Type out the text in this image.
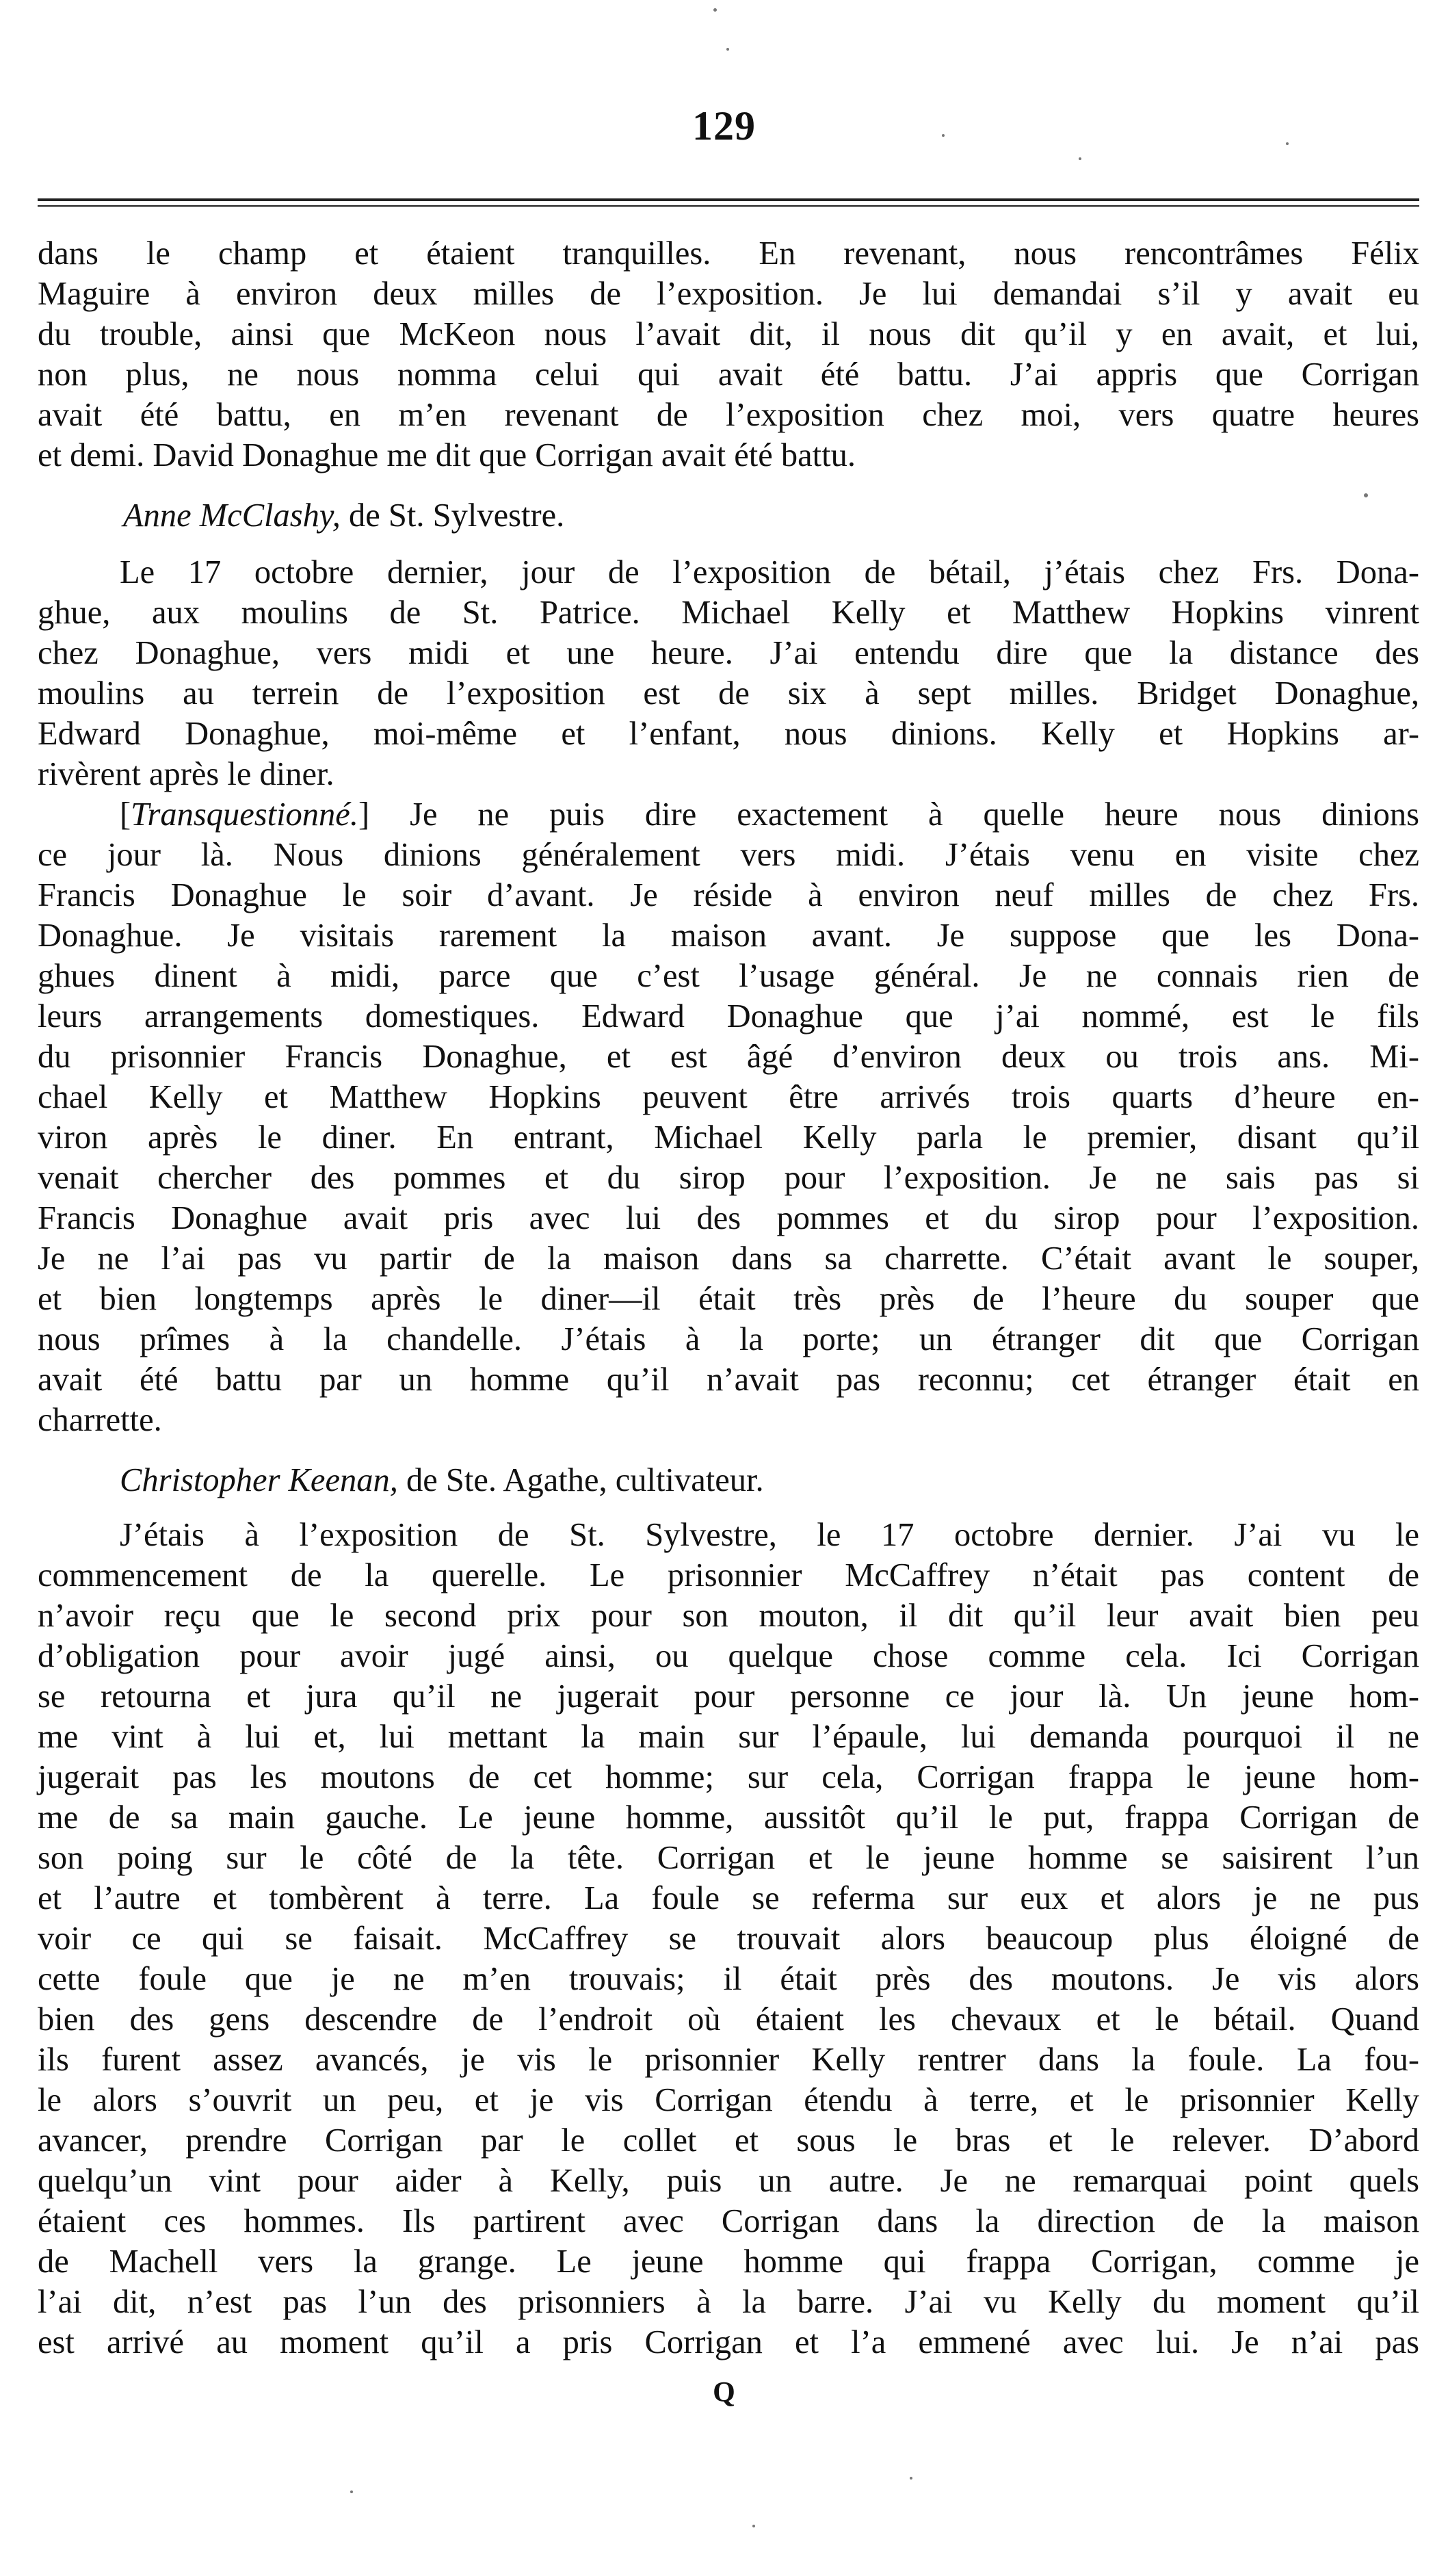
129
dans le champ et étaient tranquilles. En revenant, nous rencontrâmes Félix
Maguire à environ deux milles de l’exposition. Je lui demandai s’il y avait eu
du trouble, ainsi que McKeon nous l’avait dit, il nous dit qu’il y en avait, et lui,
non plus, ne nous nomma celui qui avait été battu. J’ai appris que Corrigan
avait été battu, en m’en revenant de l’exposition chez moi, vers quatre heures
et demi. David Donaghue me dit que Corrigan avait été battu.
Anne McClashy, de St. Sylvestre.
Le 17 octobre dernier, jour de l’exposition de bétail, j’étais chez Frs. Dona-
ghue, aux moulins de St. Patrice. Michael Kelly et Matthew Hopkins vinrent
chez Donaghue, vers midi et une heure. J’ai entendu dire que la distance des
moulins au terrein de l’exposition est de six à sept milles. Bridget Donaghue,
Edward Donaghue, moi-même et l’enfant, nous dinions. Kelly et Hopkins ar-
rivèrent après le diner.
[Transquestionné.] Je ne puis dire exactement à quelle heure nous dinions
ce jour là. Nous dinions généralement vers midi. J’étais venu en visite chez
Francis Donaghue le soir d’avant. Je réside à environ neuf milles de chez Frs.
Donaghue. Je visitais rarement la maison avant. Je suppose que les Dona-
ghues dinent à midi, parce que c’est l’usage général. Je ne connais rien de
leurs arrangements domestiques. Edward Donaghue que j’ai nommé, est le fils
du prisonnier Francis Donaghue, et est âgé d’environ deux ou trois ans. Mi-
chael Kelly et Matthew Hopkins peuvent être arrivés trois quarts d’heure en-
viron après le diner. En entrant, Michael Kelly parla le premier, disant qu’il
venait chercher des pommes et du sirop pour l’exposition. Je ne sais pas si
Francis Donaghue avait pris avec lui des pommes et du sirop pour l’exposition.
Je ne l’ai pas vu partir de la maison dans sa charrette. C’était avant le souper,
et bien longtemps après le diner—il était très près de l’heure du souper que
nous prîmes à la chandelle. J’étais à la porte; un étranger dit que Corrigan
avait été battu par un homme qu’il n’avait pas reconnu; cet étranger était en
charrette.
Christopher Keenan, de Ste. Agathe, cultivateur.
J’étais à l’exposition de St. Sylvestre, le 17 octobre dernier. J’ai vu le
commencement de la querelle. Le prisonnier McCaffrey n’était pas content de
n’avoir reçu que le second prix pour son mouton, il dit qu’il leur avait bien peu
d’obligation pour avoir jugé ainsi, ou quelque chose comme cela. Ici Corrigan
se retourna et jura qu’il ne jugerait pour personne ce jour là. Un jeune hom-
me vint à lui et, lui mettant la main sur l’épaule, lui demanda pourquoi il ne
jugerait pas les moutons de cet homme; sur cela, Corrigan frappa le jeune hom-
me de sa main gauche. Le jeune homme, aussitôt qu’il le put, frappa Corrigan de
son poing sur le côté de la tête. Corrigan et le jeune homme se saisirent l’un
et l’autre et tombèrent à terre. La foule se referma sur eux et alors je ne pus
voir ce qui se faisait. McCaffrey se trouvait alors beaucoup plus éloigné de
cette foule que je ne m’en trouvais; il était près des moutons. Je vis alors
bien des gens descendre de l’endroit où étaient les chevaux et le bétail. Quand
ils furent assez avancés, je vis le prisonnier Kelly rentrer dans la foule. La fou-
le alors s’ouvrit un peu, et je vis Corrigan étendu à terre, et le prisonnier Kelly
avancer, prendre Corrigan par le collet et sous le bras et le relever. D’abord
quelqu’un vint pour aider à Kelly, puis un autre. Je ne remarquai point quels
étaient ces hommes. Ils partirent avec Corrigan dans la direction de la maison
de Machell vers la grange. Le jeune homme qui frappa Corrigan, comme je
l’ai dit, n’est pas l’un des prisonniers à la barre. J’ai vu Kelly du moment qu’il
est arrivé au moment qu’il a pris Corrigan et l’a emmené avec lui. Je n’ai pas
Q
